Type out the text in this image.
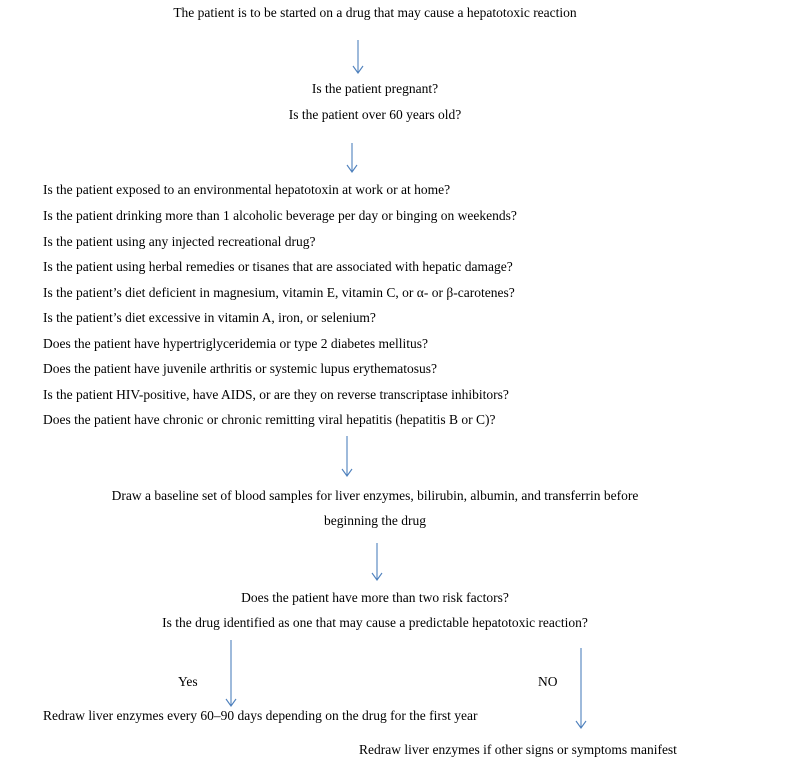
The patient is to be started on a drug that may cause a hepatotoxic reaction
Is the patient pregnant?
Is the patient over 60 years old?
Is the patient exposed to an environmental hepatotoxin at work or at home?
Is the patient drinking more than 1 alcoholic beverage per day or binging on weekends?
Is the patient using any injected recreational drug?
Is the patient using herbal remedies or tisanes that are associated with hepatic damage?
Is the patient’s diet deficient in magnesium, vitamin E, vitamin C, or α- or β-carotenes?
Is the patient’s diet excessive in vitamin A, iron, or selenium?
Does the patient have hypertriglyceridemia or type 2 diabetes mellitus?
Does the patient have juvenile arthritis or systemic lupus erythematosus?
Is the patient HIV-positive, have AIDS, or are they on reverse transcriptase inhibitors?
Does the patient have chronic or chronic remitting viral hepatitis (hepatitis B or C)?
Draw a baseline set of blood samples for liver enzymes, bilirubin, albumin, and transferrin before
beginning the drug
Does the patient have more than two risk factors?
Is the drug identified as one that may cause a predictable hepatotoxic reaction?
Yes	NO
Redraw liver enzymes every 60–90 days depending on the drug for the first year
Redraw liver enzymes if other signs or symptoms manifest
